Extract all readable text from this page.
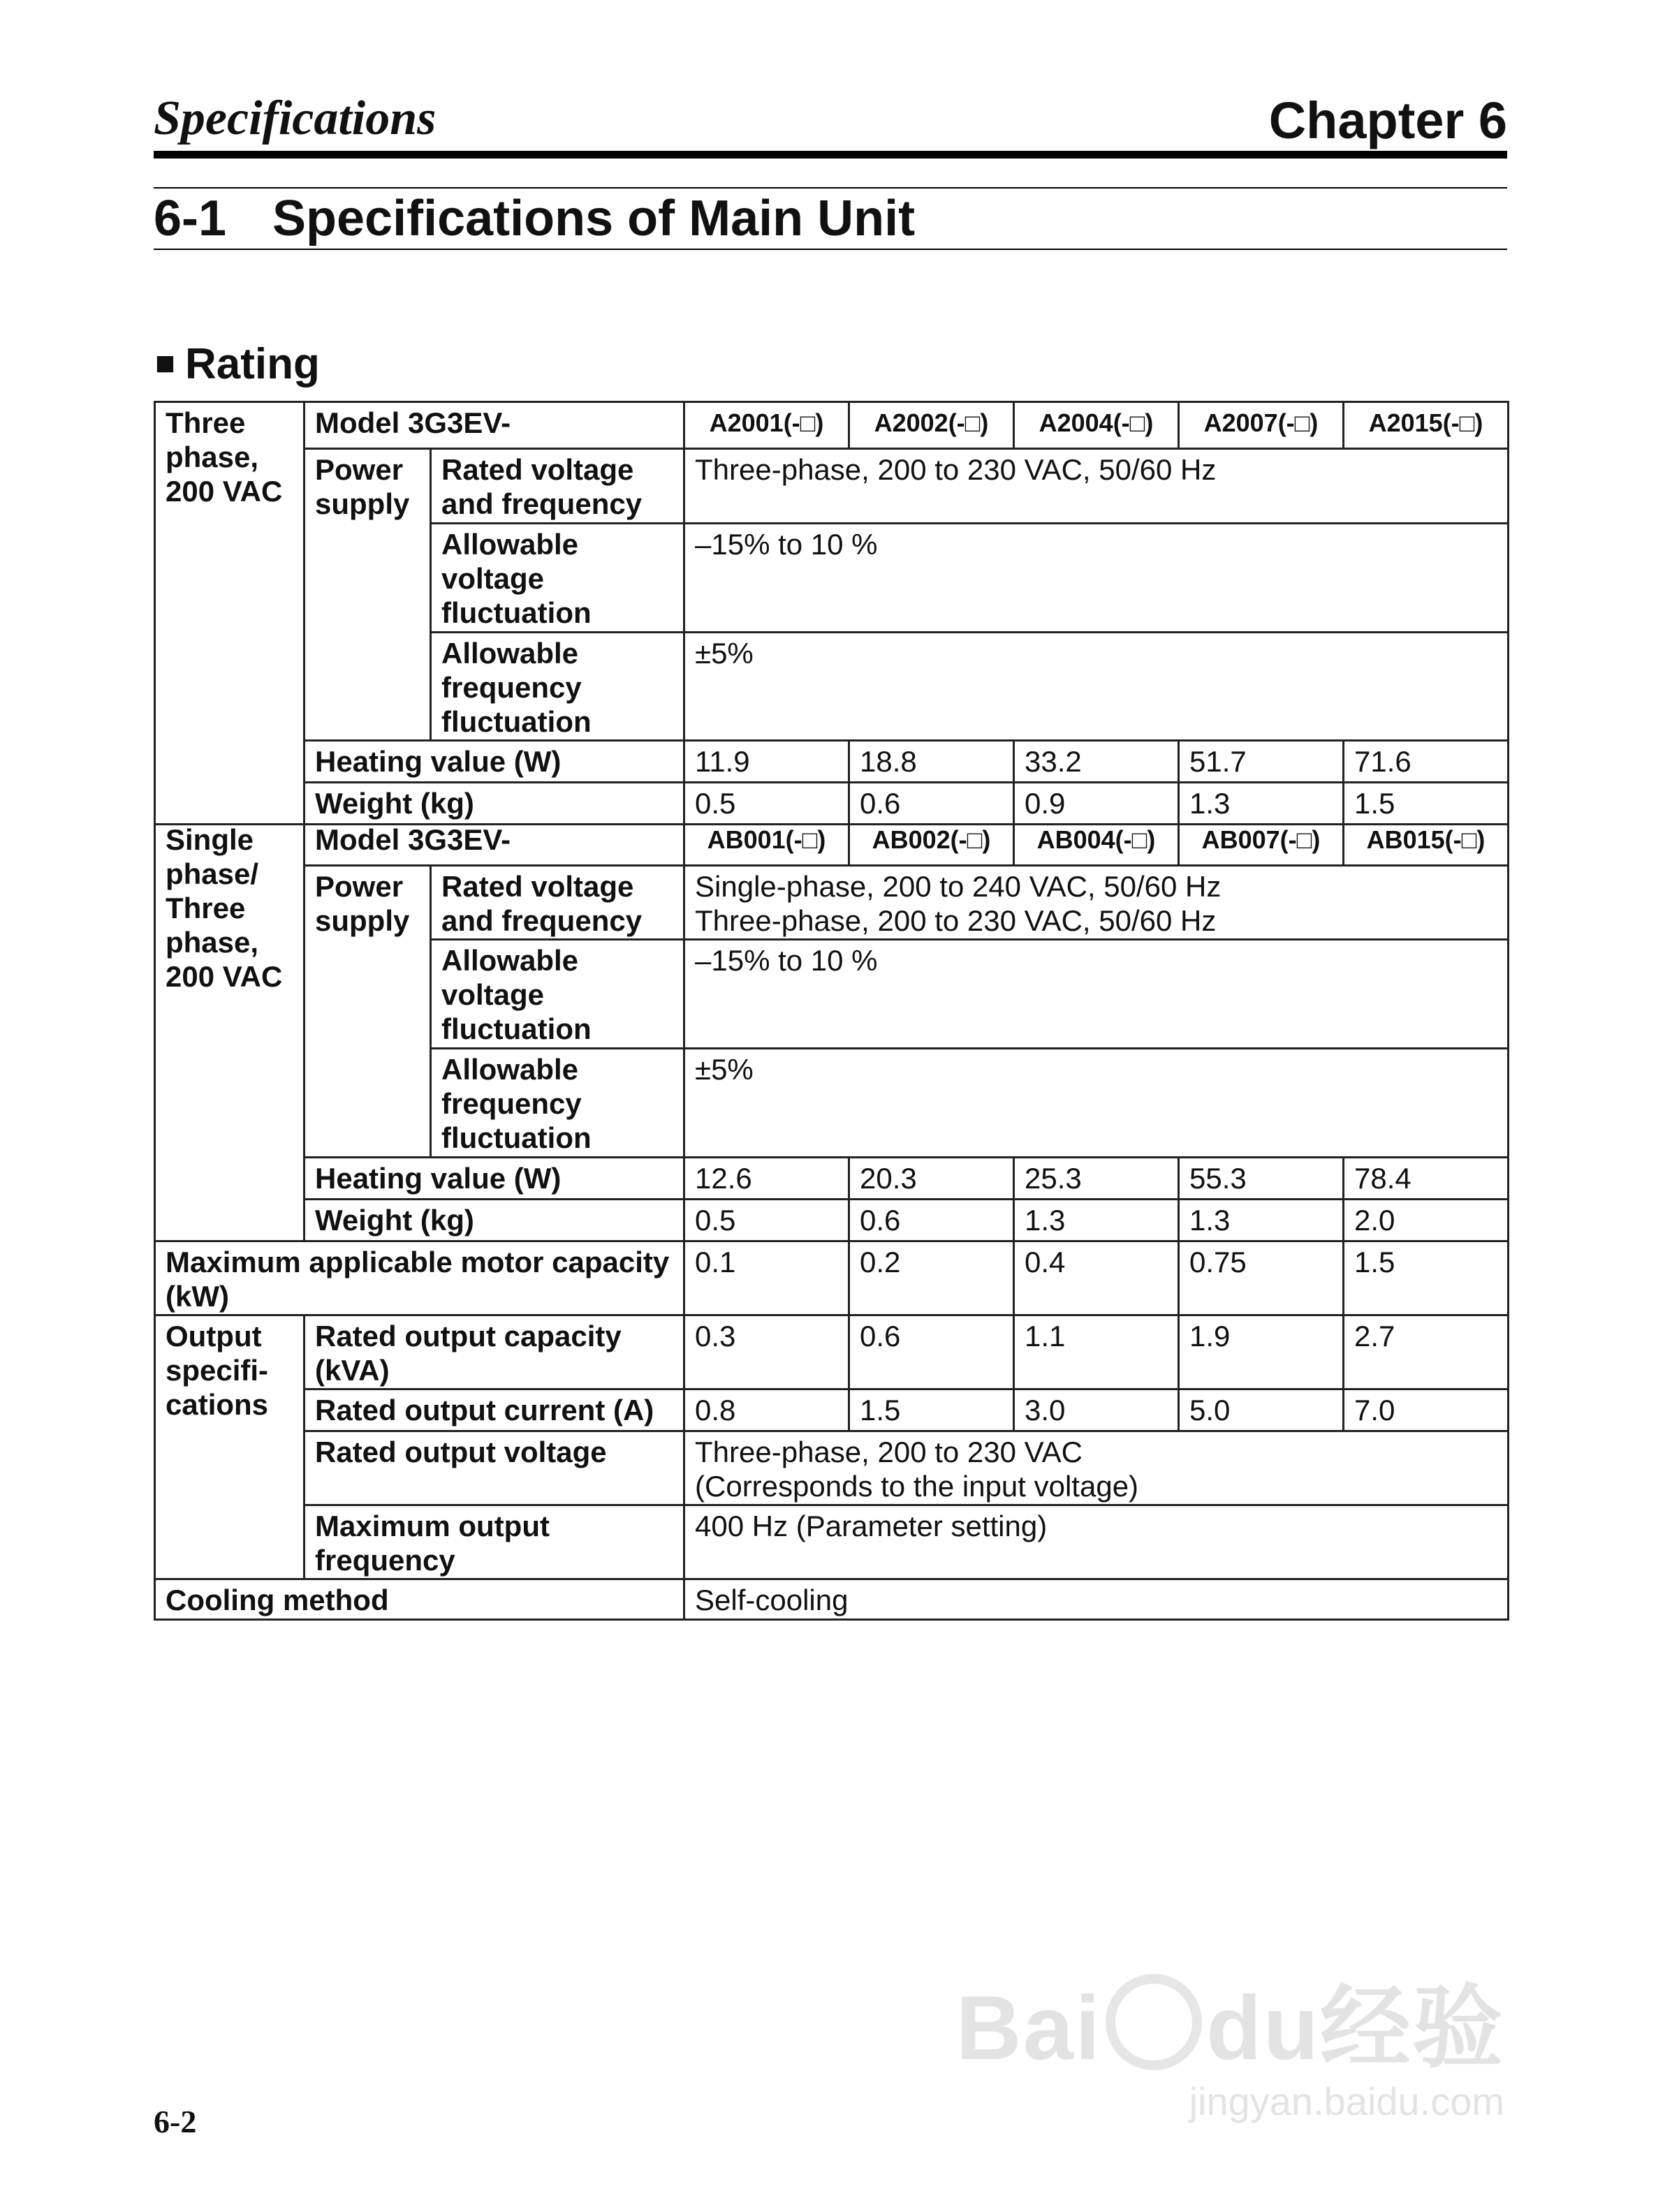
Specifications	Chapter 6
6-1 Specifications of Main Unit
■ Rating
Three phase, 200 VAC	Model 3G3EV-		A2001(-□)	A2002(-□)	A2004(-□)	A2007(-□)	A2015(-□)
	Power supply	Rated voltage and frequency	Three-phase, 200 to 230 VAC, 50/60 Hz				
		Allowable voltage fluctuation	–15% to 10 %				
		Allowable frequency fluctuation	±5%				
	Heating value (W)		11.9	18.8	33.2	51.7	71.6
	Weight (kg)		0.5	0.6	0.9	1.3	1.5
Single phase/ Three phase, 200 VAC	Model 3G3EV-		AB001(-□)	AB002(-□)	AB004(-□)	AB007(-□)	AB015(-□)
	Power supply	Rated voltage and frequency	Single-phase, 200 to 240 VAC, 50/60 Hz
Three-phase, 200 to 230 VAC, 50/60 Hz				

		Allowable voltage fluctuation	–15% to 10 %				
		Allowable frequency fluctuation	±5%				
	Heating value (W)		12.6	20.3	25.3	55.3	78.4
	Weight (kg)		0.5	0.6	1.3	1.3	2.0
Maximum applicable motor capacity (kW)			0.1	0.2	0.4	0.75	1.5
Output specifi- cations	Rated output capacity (kVA)		0.3	0.6	1.1	1.9	2.7
	Rated output current (A)		0.8	1.5	3.0	5.0	7.0
	Rated output voltage		Three-phase, 200 to 230 VAC
(Corresponds to the input voltage)				

	Maximum output frequency		400 Hz (Parameter setting)				
Cooling method			Self-cooling				
Bai du经验
jingyan.baidu.com
6-2
